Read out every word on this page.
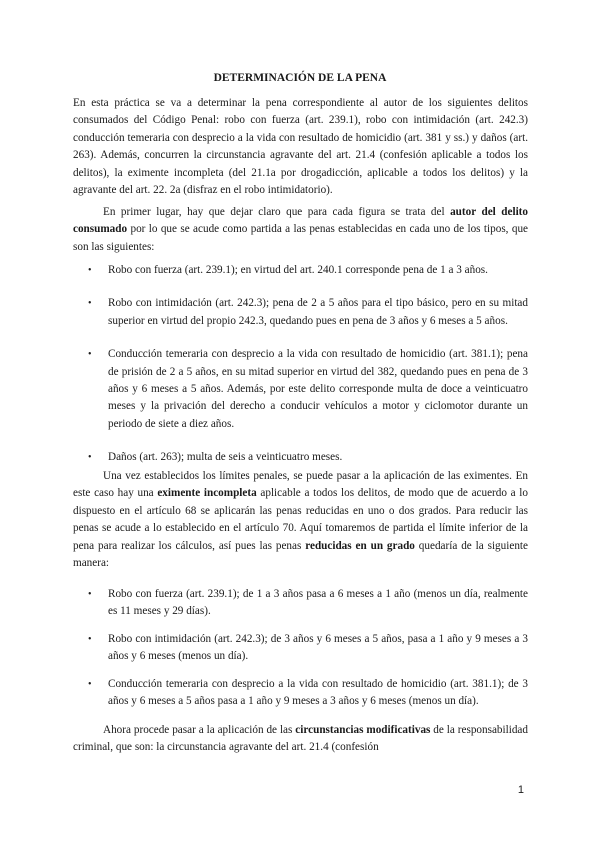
DETERMINACIÓN DE LA PENA

En esta práctica se va a determinar la pena correspondiente al autor de los siguientes delitos consumados del Código Penal: robo con fuerza (art. 239.1), robo con intimidación (art. 242.3) conducción temeraria con desprecio a la vida con resultado de homicidio (art. 381 y ss.) y daños (art. 263). Además, concurren la circunstancia agravante del art. 21.4 (confesión aplicable a todos los delitos), la eximente incompleta (del 21.1a por drogadicción, aplicable a todos los delitos) y la agravante del art. 22. 2a (disfraz en el robo intimidatorio).

En primer lugar, hay que dejar claro que para cada figura se trata del autor del delito consumado por lo que se acude como partida a las penas establecidas en cada uno de los tipos, que son las siguientes:

• Robo con fuerza (art. 239.1); en virtud del art. 240.1 corresponde pena de 1 a 3 años.
• Robo con intimidación (art. 242.3); pena de 2 a 5 años para el tipo básico, pero en su mitad superior en virtud del propio 242.3, quedando pues en pena de 3 años y 6 meses a 5 años.
• Conducción temeraria con desprecio a la vida con resultado de homicidio (art. 381.1); pena de prisión de 2 a 5 años, en su mitad superior en virtud del 382, quedando pues en pena de 3 años y 6 meses a 5 años. Además, por este delito corresponde multa de doce a veinticuatro meses y la privación del derecho a conducir vehículos a motor y ciclomotor durante un periodo de siete a diez años.
• Daños (art. 263); multa de seis a veinticuatro meses.

Una vez establecidos los límites penales, se puede pasar a la aplicación de las eximentes. En este caso hay una eximente incompleta aplicable a todos los delitos, de modo que de acuerdo a lo dispuesto en el artículo 68 se aplicarán las penas reducidas en uno o dos grados. Para reducir las penas se acude a lo establecido en el artículo 70. Aquí tomaremos de partida el límite inferior de la pena para realizar los cálculos, así pues las penas reducidas en un grado quedaría de la siguiente manera:

• Robo con fuerza (art. 239.1); de 1 a 3 años pasa a 6 meses a 1 año (menos un día, realmente es 11 meses y 29 días).
• Robo con intimidación (art. 242.3); de 3 años y 6 meses a 5 años, pasa a 1 año y 9 meses a 3 años y 6 meses (menos un día).
• Conducción temeraria con desprecio a la vida con resultado de homicidio (art. 381.1); de 3 años y 6 meses a 5 años pasa a 1 año y 9 meses a 3 años y 6 meses (menos un día).

Ahora procede pasar a la aplicación de las circunstancias modificativas de la responsabilidad criminal, que son: la circunstancia agravante del art. 21.4 (confesión

1
